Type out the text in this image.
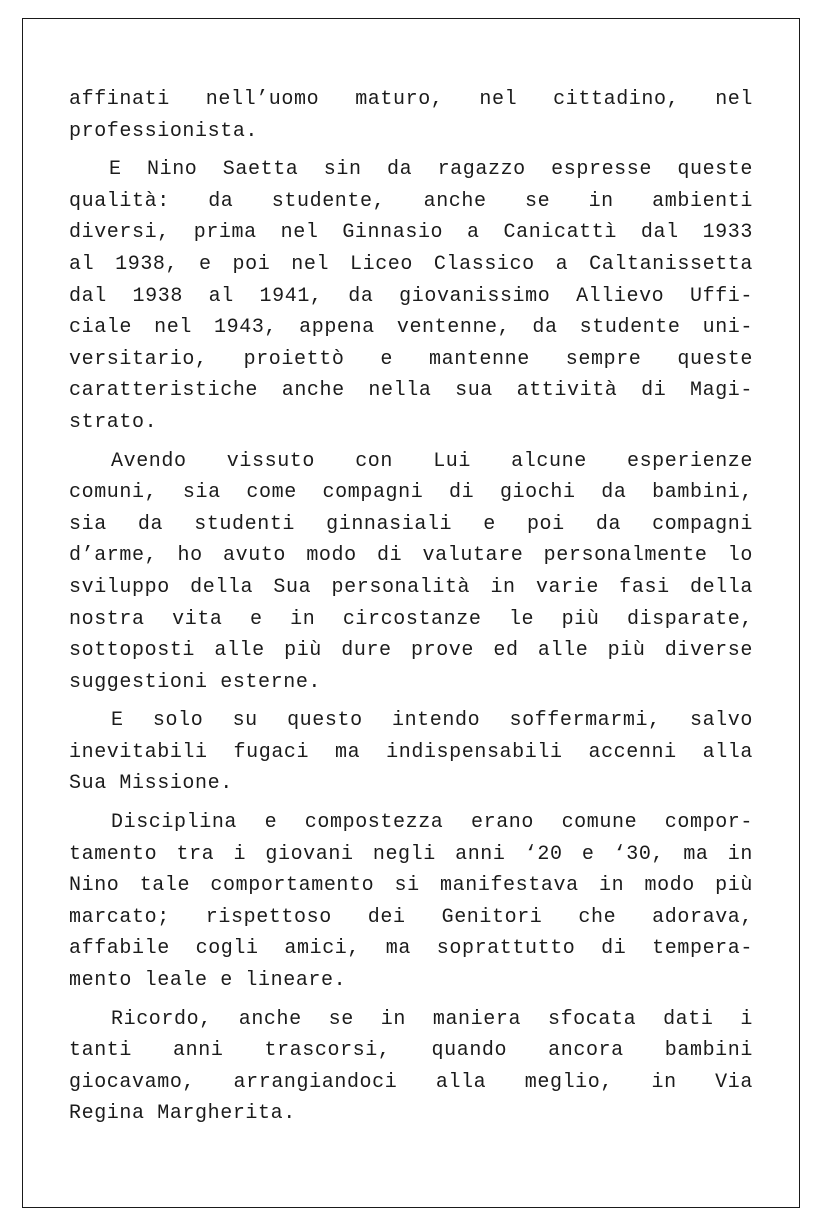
affinati nell’uomo maturo, nel cittadino, nel
professionista.
E Nino Saetta sin da ragazzo espresse queste
qualità: da studente, anche se in ambienti
diversi, prima nel Ginnasio a Canicattì dal 1933
al 1938, e poi nel Liceo Classico a Caltanissetta
dal 1938 al 1941, da giovanissimo Allievo Uffi-
ciale nel 1943, appena ventenne, da studente uni-
versitario, proiettò e mantenne sempre queste
caratteristiche anche nella sua attività di Magi-
strato.
Avendo vissuto con Lui alcune esperienze
comuni, sia come compagni di giochi da bambini,
sia da studenti ginnasiali e poi da compagni
d’arme, ho avuto modo di valutare personalmente lo
sviluppo della Sua personalità in varie fasi della
nostra vita e in circostanze le più disparate,
sottoposti alle più dure prove ed alle più diverse
suggestioni esterne.
E solo su questo intendo soffermarmi, salvo
inevitabili fugaci ma indispensabili accenni alla
Sua Missione.
Disciplina e compostezza erano comune compor-
tamento tra i giovani negli anni ‘20 e ‘30, ma in
Nino tale comportamento si manifestava in modo più
marcato; rispettoso dei Genitori che adorava,
affabile cogli amici, ma soprattutto di tempera-
mento leale e lineare.
Ricordo, anche se in maniera sfocata dati i
tanti anni trascorsi, quando ancora bambini
giocavamo, arrangiandoci alla meglio, in Via
Regina Margherita.
